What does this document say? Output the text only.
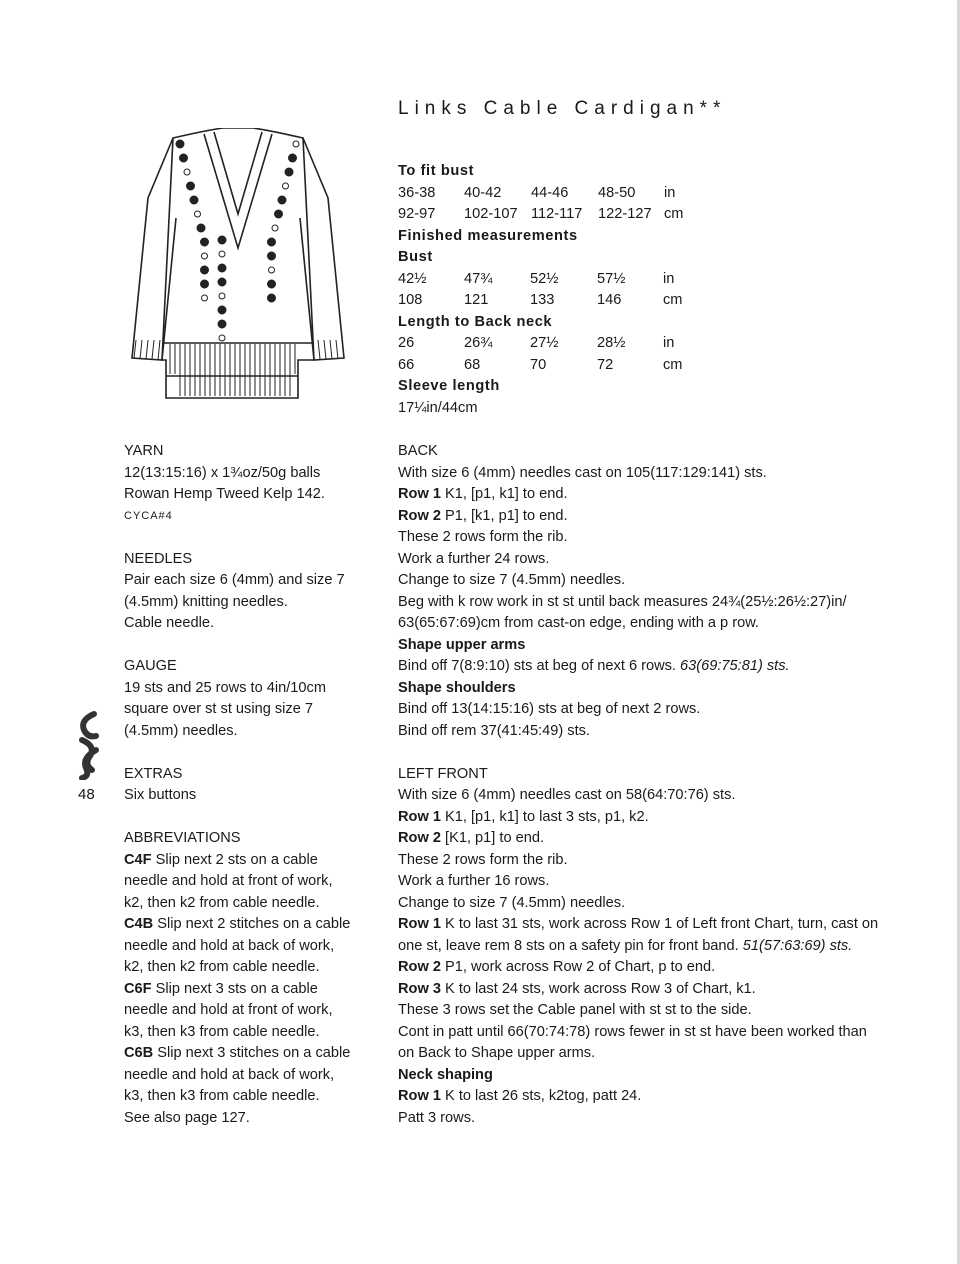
Links Cable Cardigan**

To fit bust

36-38	40-42	44-46	48-50	in
92-97	102-107 112-117	122-127 cm

Finished measurements

Bust

42½	47¾	52½	57½	in
108	121	133	146	cm

Length to Back neck

26	26¾	27½	28½	in
66	68	70	72	cm

Sleeve length

17¼in/44cm

YARN

12(13:15:16) x 1¾oz/50g balls

Rowan Hemp Tweed Kelp 142.

CYCA#4

NEEDLES

Pair each size 6 (4mm) and size 7

(4.5mm) knitting needles.

Cable needle.

GAUGE

19 sts and 25 rows to 4in/10cm

square over st st using size 7

(4.5mm) needles.

EXTRAS

Six buttons

ABBREVIATIONS

C4F Slip next 2 sts on a cable

needle and hold at front of work,

k2, then k2 from cable needle.

C4B Slip next 2 stitches on a cable

needle and hold at back of work,

k2, then k2 from cable needle.

C6F Slip next 3 sts on a cable

needle and hold at front of work,

k3, then k3 from cable needle.

C6B Slip next 3 stitches on a cable

needle and hold at back of work,

k3, then k3 from cable needle.

See also page 127.

BACK

With size 6 (4mm) needles cast on 105(117:129:141) sts.

Row 1 K1, [p1, k1] to end.

Row 2 P1, [k1, p1] to end.

These 2 rows form the rib.

Work a further 24 rows.

Change to size 7 (4.5mm) needles.

Beg with k row work in st st until back measures 24¾(25½:26½:27)in/

63(65:67:69)cm from cast-on edge, ending with a p row.

Shape upper arms

Bind off 7(8:9:10) sts at beg of next 6 rows. 63(69:75:81) sts.

Shape shoulders

Bind off 13(14:15:16) sts at beg of next 2 rows.

Bind off rem 37(41:45:49) sts.

LEFT FRONT

With size 6 (4mm) needles cast on 58(64:70:76) sts.

Row 1 K1, [p1, k1] to last 3 sts, p1, k2.

Row 2 [K1, p1] to end.

These 2 rows form the rib.

Work a further 16 rows.

Change to size 7 (4.5mm) needles.

Row 1 K to last 31 sts, work across Row 1 of Left front Chart, turn, cast on

one st, leave rem 8 sts on a safety pin for front band. 51(57:63:69) sts.

Row 2 P1, work across Row 2 of Chart, p to end.

Row 3 K to last 24 sts, work across Row 3 of Chart, k1.

These 3 rows set the Cable panel with st st to the side.

Cont in patt until 66(70:74:78) rows fewer in st st have been worked than

on Back to Shape upper arms.

Neck shaping

Row 1 K to last 26 sts, k2tog, patt 24.

Patt 3 rows.

48
